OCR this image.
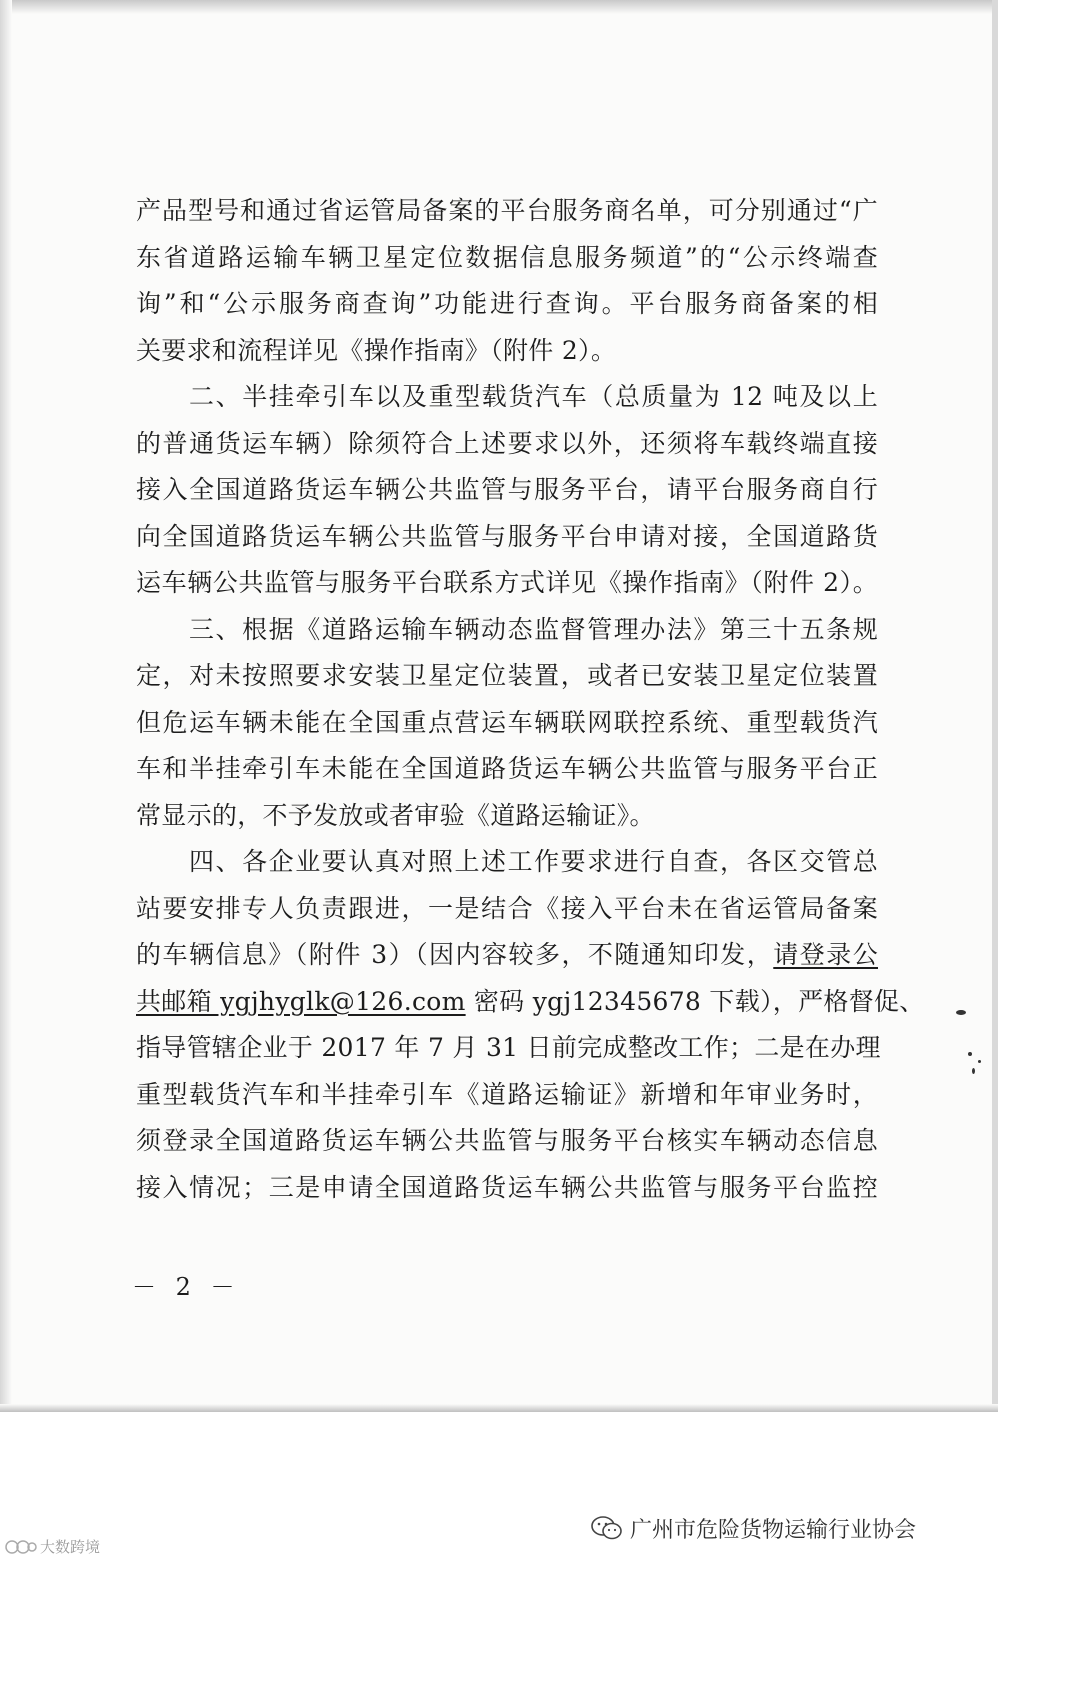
产品型号和通过省运管局备案的平台服务商名单，可分别通过“广
东省道路运输车辆卫星定位数据信息服务频道”的“公示终端查
询”和“公示服务商查询”功能进行查询。平台服务商备案的相
关要求和流程详见《操作指南》（附件 2）。
二、半挂牵引车以及重型载货汽车（总质量为 12 吨及以上
的普通货运车辆）除须符合上述要求以外，还须将车载终端直接
接入全国道路货运车辆公共监管与服务平台，请平台服务商自行
向全国道路货运车辆公共监管与服务平台申请对接，全国道路货
运车辆公共监管与服务平台联系方式详见《操作指南》（附件 2）。
三、根据《道路运输车辆动态监督管理办法》第三十五条规
定，对未按照要求安装卫星定位装置，或者已安装卫星定位装置
但危运车辆未能在全国重点营运车辆联网联控系统、重型载货汽
车和半挂牵引车未能在全国道路货运车辆公共监管与服务平台正
常显示的，不予发放或者审验《道路运输证》。
四、各企业要认真对照上述工作要求进行自查，各区交管总
站要安排专人负责跟进，一是结合《接入平台未在省运管局备案
的车辆信息》（附件 3）（因内容较多，不随通知印发，请登录公
共邮箱 ygjhyglk@126.com 密码 ygj12345678 下载），严格督促、
指导管辖企业于 2017 年 7 月 31 日前完成整改工作；二是在办理
重型载货汽车和半挂牵引车《道路运输证》新增和年审业务时，
须登录全国道路货运车辆公共监管与服务平台核实车辆动态信息
接入情况；三是申请全国道路货运车辆公共监管与服务平台监控
－ 2 －
广州市危险货物运输行业协会
大数跨境
